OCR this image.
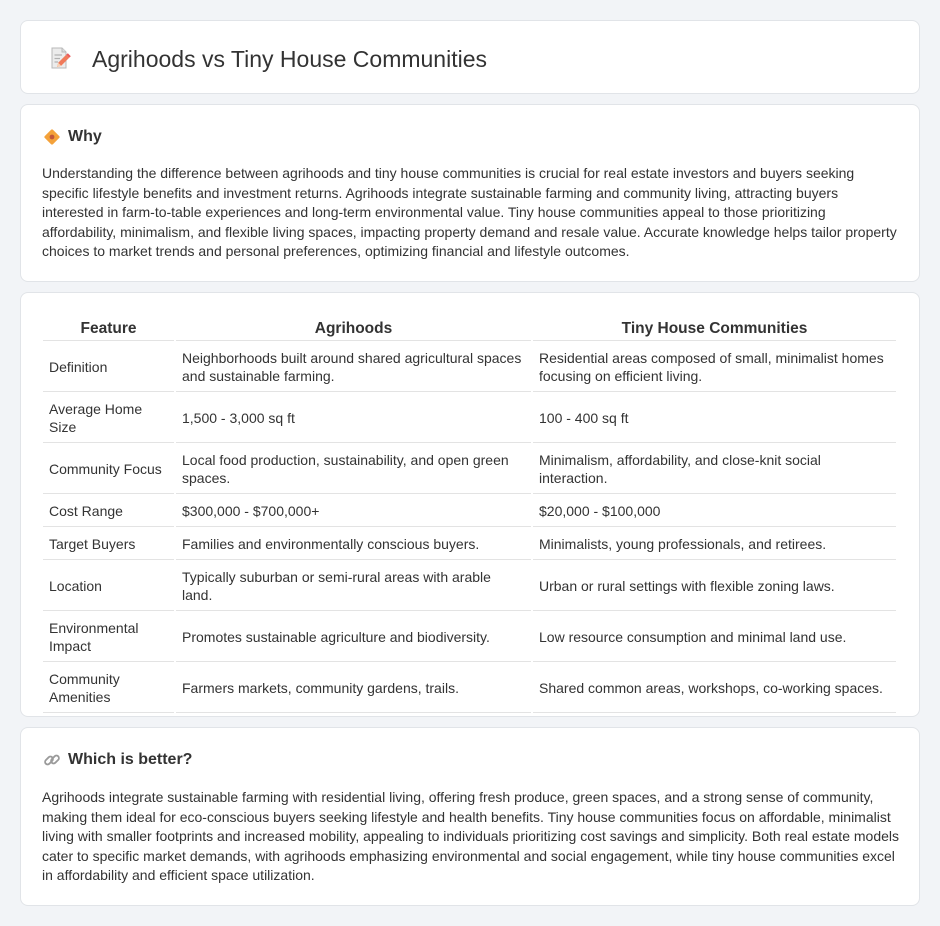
Agrihoods vs Tiny House Communities
Why

Understanding the difference between agrihoods and tiny house communities is crucial for real estate investors and buyers seeking specific lifestyle benefits and investment returns. Agrihoods integrate sustainable farming and community living, attracting buyers interested in farm-to-table experiences and long-term environmental value. Tiny house communities appeal to those prioritizing affordability, minimalism, and flexible living spaces, impacting property demand and resale value. Accurate knowledge helps tailor property choices to market trends and personal preferences, optimizing financial and lifestyle outcomes.

Feature	Agrihoods	Tiny House Communities
Definition	Neighborhoods built around shared agricultural spaces and sustainable farming.	Residential areas composed of small, minimalist homes focusing on efficient living.
Average Home Size	1,500 - 3,000 sq ft	100 - 400 sq ft
Community Focus	Local food production, sustainability, and open green spaces.	Minimalism, affordability, and close-knit social interaction.
Cost Range	$300,000 - $700,000+	$20,000 - $100,000
Target Buyers	Families and environmentally conscious buyers.	Minimalists, young professionals, and retirees.
Location	Typically suburban or semi-rural areas with arable land.	Urban or rural settings with flexible zoning laws.
Environmental Impact	Promotes sustainable agriculture and biodiversity.	Low resource consumption and minimal land use.
Community Amenities	Farmers markets, community gardens, trails.	Shared common areas, workshops, co-working spaces.
Which is better?

Agrihoods integrate sustainable farming with residential living, offering fresh produce, green spaces, and a strong sense of community, making them ideal for eco-conscious buyers seeking lifestyle and health benefits. Tiny house communities focus on affordable, minimalist living with smaller footprints and increased mobility, appealing to individuals prioritizing cost savings and simplicity. Both real estate models cater to specific market demands, with agrihoods emphasizing environmental and social engagement, while tiny house communities excel in affordability and efficient space utilization.
